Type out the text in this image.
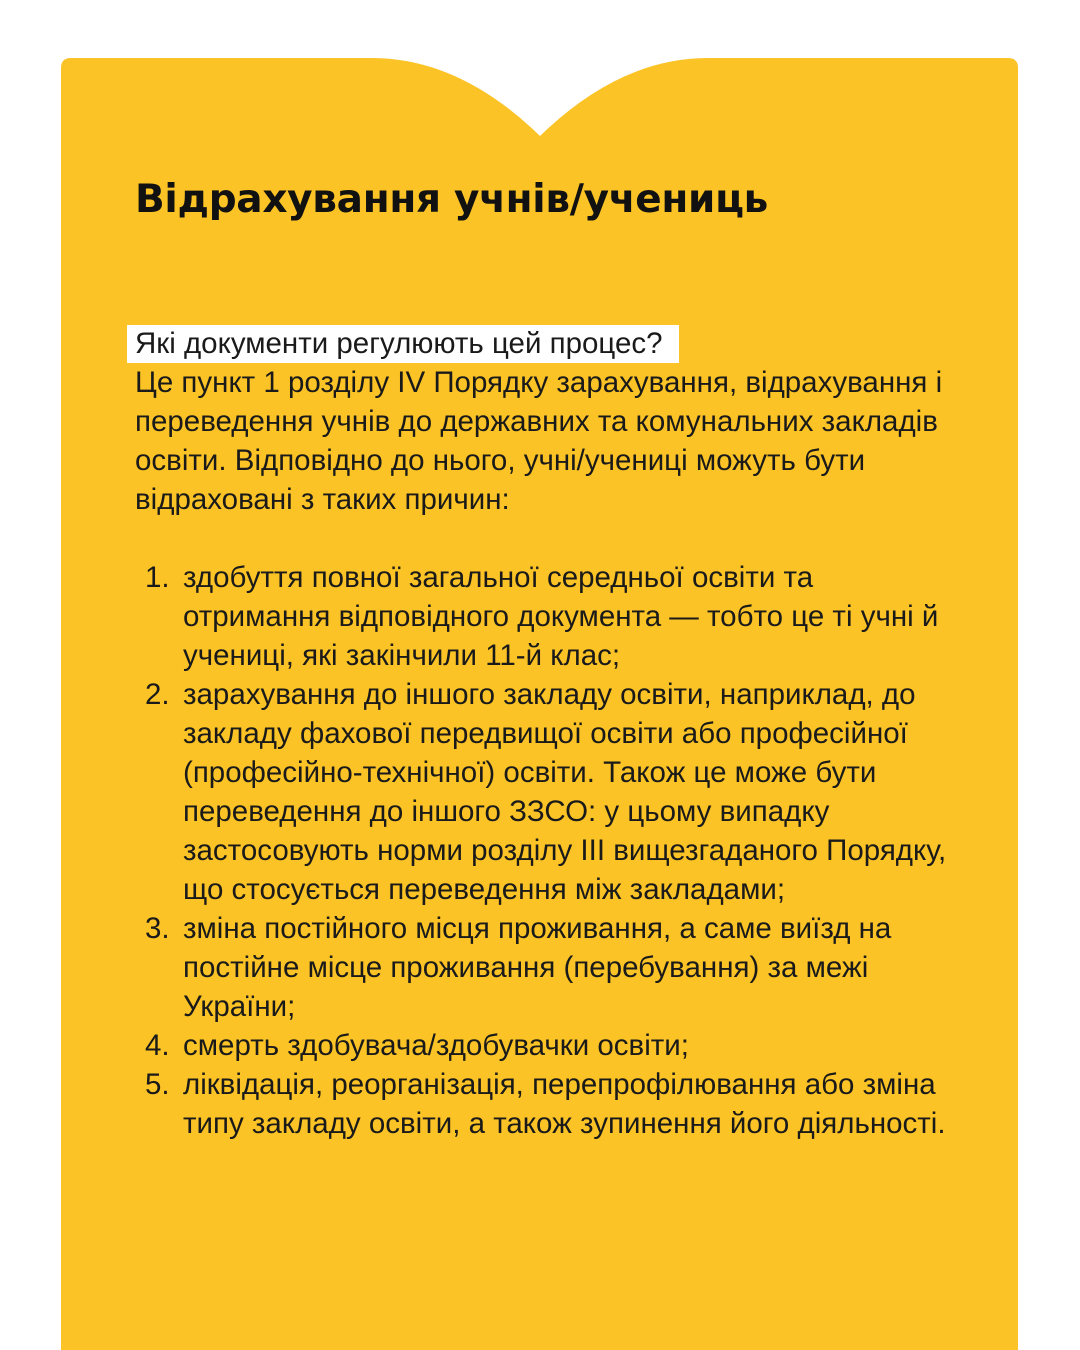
Відрахування учнів/учениць
Які документи регулюють цей процес?

Це пункт 1 розділу IV Порядку зарахування, відрахування і переведення учнів до державних та комунальних закладів освіти. Відповідно до нього, учні/учениці можуть бути відраховані з таких причин:

1. здобуття повної загальної середньої освіти та отримання відповідного документа — тобто це ті учні й учениці, які закінчили 11-й клас;
2. зарахування до іншого закладу освіти, наприклад, до закладу фахової передвищої освіти або професійної (професійно-технічної) освіти. Також це може бути переведення до іншого ЗЗСО: у цьому випадку застосовують норми розділу III вищезгаданого Порядку, що стосується переведення між закладами;
3. зміна постійного місця проживання, а саме виїзд на постійне місце проживання (перебування) за межі України;
4. смерть здобувача/здобувачки освіти;
5. ліквідація, реорганізація, перепрофілювання або зміна типу закладу освіти, а також зупинення його діяльності.
